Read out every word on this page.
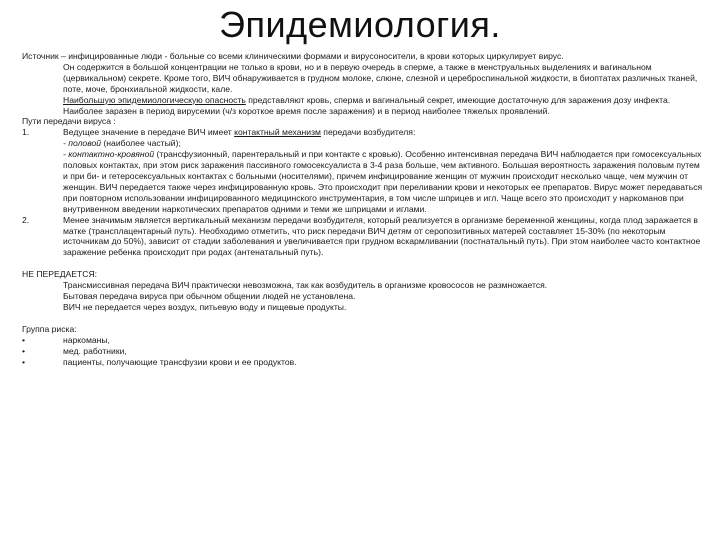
Эпидемиология.

Источник – инфицированные люди - больные со всеми клиническими формами и вирусоносители, в крови которых циркулирует вирус.

Он содержится в большой концентрации не только в крови, но и в первую очередь в сперме, а также в менструальных выделениях и вагинальном (цервикальном) секрете. Кроме того, ВИЧ обнаруживается в грудном молоке, слюне, слезной и цереброспинальной жидкости, в биоптатах различных тканей, поте, моче, бронхиальной жидкости, кале.

Наибольшую эпидемиологическую опасность представляют кровь, сперма и вагинальный секрет, имеющие достаточную для заражения дозу инфекта.

Наиболее заразен в период вирусемии (ч/з короткое время после заражения) и в период наиболее тяжелых проявлений.

Пути передачи вируса :

1.	Ведущее значение в передаче ВИЧ имеет контактный механизм передачи возбудителя:

- половой (наиболее частый);

- контактно-кровяной (трансфузионный, парентеральный и при контакте с кровью). Особенно интенсивная передача ВИЧ наблюдается при гомосексуальных половых контактах, при этом риск заражения пассивного гомосексуалиста в 3-4 раза больше, чем активного. Большая вероятность заражения половым путем и при би- и гетеросексуальных контактах с больными (носителями), причем инфицирование женщин от мужчин происходит несколько чаще, чем мужчин от женщин. ВИЧ передается также через инфицированную кровь. Это происходит при переливании крови и некоторых ее препаратов. Вирус может передаваться при повторном использовании инфицированного медицинского инструментария, в том числе шприцев и игл. Чаще всего это происходит у наркоманов при внутривенном введении наркотических препаратов одними и теми же шприцами и иглами.

2.	Менее значимым является вертикальный механизм передачи возбудителя, который реализуется в организме беременной женщины, когда плод заражается в матке (трансплацентарный путь). Необходимо отметить, что риск передачи ВИЧ детям от серопозитивных матерей составляет 15-30% (по некоторым источникам до 50%), зависит от стадии заболевания и увеличивается при грудном вскармливании (постнатальный путь). При этом наиболее часто контактное заражение ребенка происходит при родах (антенатальный путь).

НЕ ПЕРЕДАЕТСЯ:

Трансмиссивная передача ВИЧ практически невозможна, так как возбудитель в организме кровососов не размножается.

Бытовая передача вируса при обычном общении людей не установлена.

ВИЧ не передается через воздух, питьевую воду и пищевые продукты.

Группа риска:

•	наркоманы,
•	мед. работники,
•	пациенты, получающие трансфузии крови и ее продуктов.
